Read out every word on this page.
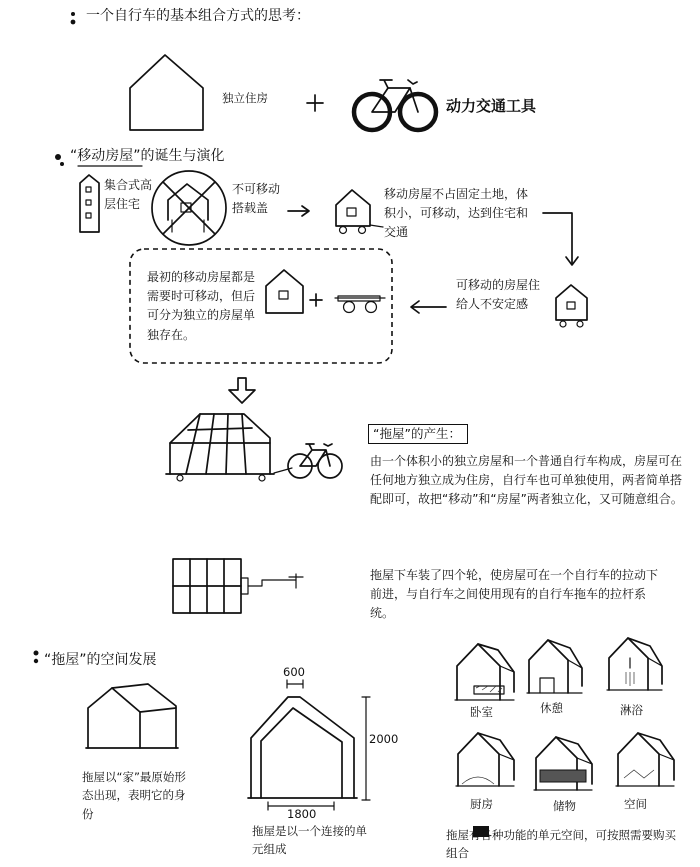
一个自行车的基本组合方式的思考：
独立住房	动力交通工具
“移动房屋”的诞生与演化
集合式高层住宅
不可移动搭载盖
移动房屋不占固定土地，体积小，可移动，达到住宅和交通
可移动的房屋住给人不安定感
最初的移动房屋都是需要时可移动，但后可分为独立的房屋单独存在。
“拖屋”的产生：
由一个体积小的独立房屋和一个普通自行车构成，房屋可在任何地方独立成为住房，自行车也可单独使用，两者简单搭配即可，故把“移动”和“房屋”两者独立化，又可随意组合。
拖屋下车装了四个轮，使房屋可在一个自行车的拉动下前进，与自行车之间使用现有的自行车拖车的拉杆系统。
“拖屋”的空间发展
600
2000
1800
拖屋以“家”最原始形态出现，表明它的身份
拖屋是以一个连接的单元组成
卧室	休憩	淋浴
厨房	储物	空间
拖屋有各种功能的单元空间，可按照需要购买组合
